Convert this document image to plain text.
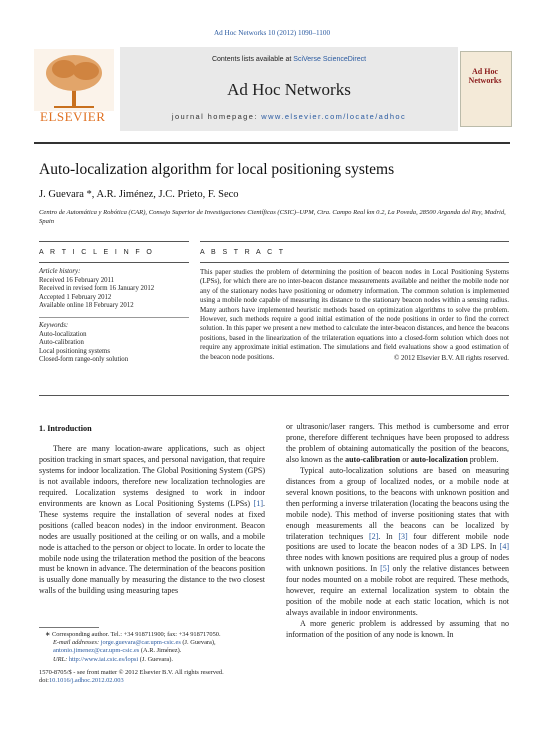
Ad Hoc Networks 10 (2012) 1090–1100
ELSEVIER
Contents lists available at SciVerse ScienceDirect
Ad Hoc Networks
journal homepage: www.elsevier.com/locate/adhoc
Ad Hoc Networks
Auto-localization algorithm for local positioning systems
J. Guevara *, A.R. Jiménez, J.C. Prieto, F. Seco
Centro de Automática y Robótica (CAR), Consejo Superior de Investigaciones Científicas (CSIC)–UPM, Ctra. Campo Real km 0.2, La Poveda, 28500 Arganda del Rey, Madrid, Spain
A R T I C L E I N F O
Article history:
Received 16 February 2011
Received in revised form 16 January 2012
Accepted 1 February 2012
Available online 18 February 2012
Keywords:
Auto-localization
Auto-calibration
Local positioning systems
Closed-form range-only solution
A B S T R A C T
This paper studies the problem of determining the position of beacon nodes in Local Positioning Systems (LPSs), for which there are no inter-beacon distance measurements available and neither the mobile node nor any of the stationary nodes have positioning or odometry information. The common solution is implemented using a mobile node capable of measuring its distance to the stationary beacon nodes within a sensing radius. Many authors have implemented heuristic methods based on optimization algorithms to solve the problem. However, such methods require a good initial estimation of the node positions in order to find the correct solution. In this paper we present a new method to calculate the inter-beacon distances, and hence the beacons positions, based in the linearization of the trilateration equations into a closed-form solution which does not require any approximate initial estimation. The simulations and field evaluations show a good estimation of the beacon node positions.	© 2012 Elsevier B.V. All rights reserved.
1. Introduction

There are many location-aware applications, such as object position tracking in smart spaces, and personal navigation, that require systems for indoor localization. The Global Positioning System (GPS) is not available indoors, therefore new localization technologies are required. Localization systems designed to work in indoor environments are known as Local Positioning Systems (LPSs) [1]. These systems require the installation of several nodes at fixed positions (called beacon nodes) in the indoor environment. Beacon nodes are usually positioned at the ceiling or on walls, and a mobile node is attached to the person or object to locate. In order to locate the mobile node using the trilateration method the position of the beacons must be known in advance. The determination of the beacons position is usually done manually by measuring the distance to the two closest walls of the building using measuring tapes

or ultrasonic/laser rangers. This method is cumbersome and error prone, therefore different techniques have been proposed to address the problem of obtaining automatically the position of the beacons, also known as the auto-calibration or auto-localization problem.

Typical auto-localization solutions are based on measuring distances from a group of localized nodes, or a mobile node at several known positions, to the beacons with unknown position and then performing a inverse trilateration (locating the beacons using the mobile node). This method of inverse positioning states that with enough measurements all the beacons can be localized by trilateration techniques [2]. In [3] four different mobile node positions are used to locate the beacon nodes of a 3D LPS. In [4] three nodes with known positions are required plus a group of nodes with unknown positions. In [5] only the relative distances between four nodes mounted on a mobile robot are required. These methods, however, require an external localization system to obtain the position of the mobile node at each static location, which is not always available in indoor environments.

A more generic problem is addressed by assuming that no information of the position of any node is known. In

∗ Corresponding author. Tel.: +34 918711900; fax: +34 918717050.
E-mail addresses: jorge.guevara@car.upm-csic.es (J. Guevara), antonio.jimenez@car.upm-csic.es (A.R. Jiménez).
URL: http://www.iai.csic.es/lopsi (J. Guevara).
1570-8705/$ - see front matter © 2012 Elsevier B.V. All rights reserved.
doi:10.1016/j.adhoc.2012.02.003
